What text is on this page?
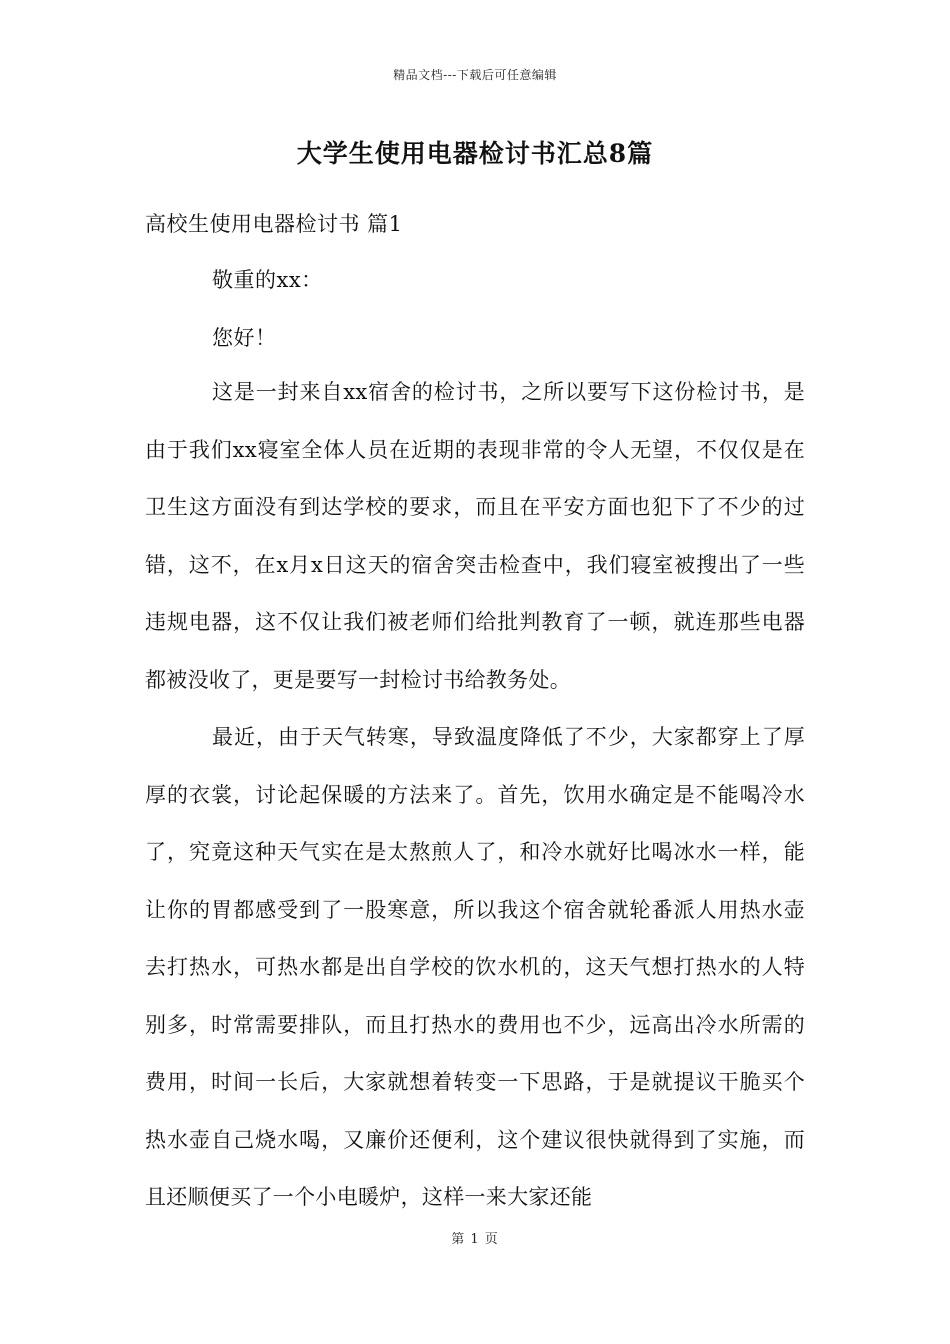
精品文档---下载后可任意编辑
大学生使用电器检讨书汇总8篇
高校生使用电器检讨书 篇1
敬重的xx：
您好！

这是一封来自xx宿舍的检讨书，之所以要写下这份检讨书，是由于我们xx寝室全体人员在近期的表现非常的令人无望，不仅仅是在卫生这方面没有到达学校的要求，而且在平安方面也犯下了不少的过错，这不，在x月x日这天的宿舍突击检查中，我们寝室被搜出了一些违规电器，这不仅让我们被老师们给批判教育了一顿，就连那些电器都被没收了，更是要写一封检讨书给教务处。

最近，由于天气转寒，导致温度降低了不少，大家都穿上了厚厚的衣裳，讨论起保暖的方法来了。首先，饮用水确定是不能喝冷水了，究竟这种天气实在是太熬煎人了，和冷水就好比喝冰水一样，能让你的胃都感受到了一股寒意，所以我这个宿舍就轮番派人用热水壶去打热水，可热水都是出自学校的饮水机的，这天气想打热水的人特别多，时常需要排队，而且打热水的费用也不少，远高出冷水所需的费用，时间一长后，大家就想着转变一下思路，于是就提议干脆买个热水壶自己烧水喝，又廉价还便利，这个建议很快就得到了实施，而且还顺便买了一个小电暖炉，这样一来大家还能

第 1 页
